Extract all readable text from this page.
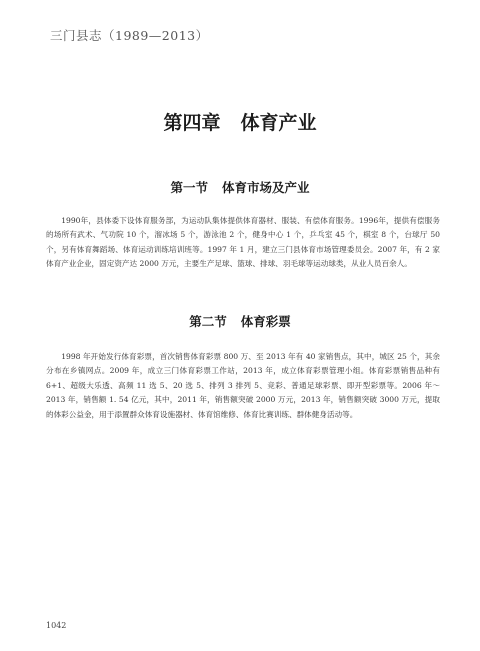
三门县志（1989—2013）
第四章 体育产业
第一节 体育市场及产业

1990年，县体委下设体育服务部，为运动队集体提供体育器材、服装、有偿体育服务。1996年，提供有偿服务的场所有武术、气功院 10 个，溜冰场 5 个，游泳池 2 个，健身中心 1 个，乒乓室 45 个，棋室 8 个，台球厅 50 个，另有体育舞蹈场、体育运动训练培训班等。1997 年 1 月，建立三门县体育市场管理委员会。2007 年，有 2 家体育产业企业，固定资产达 2000 万元，主要生产足球、篮球、排球、羽毛球等运动球类，从业人员百余人。

第二节 体育彩票

1998 年开始发行体育彩票，首次销售体育彩票 800 万、至 2013 年有 40 家销售点，其中，城区 25 个，其余分布在乡镇网点。2009 年，成立三门体育彩票工作站，2013 年，成立体育彩票管理小组。体育彩票销售品种有 6+1、超级大乐透、高频 11 选 5、20 选 5、排列 3 排列 5、竞彩、普通足球彩票、即开型彩票等。2006 年～ 2013 年，销售额 1. 54 亿元，其中，2011 年，销售额突破 2000 万元，2013 年，销售额突破 3000 万元，提取的体彩公益金，用于添置群众体育设施器材、体育馆维修、体育比赛训练、群体健身活动等。

1042
